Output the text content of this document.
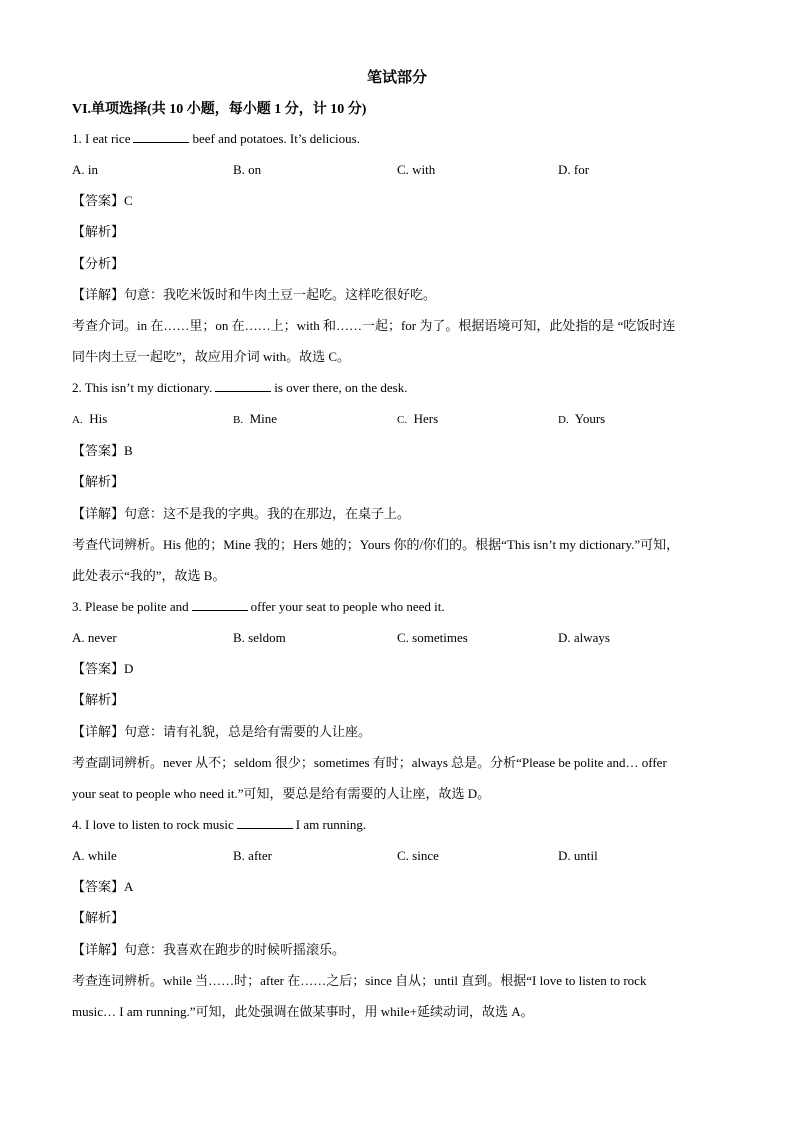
笔试部分
VI.单项选择(共 10 小题，每小题 1 分，计 10 分)
1. I eat rice	beef and potatoes. It’s delicious.
A. in	B. on	C. with	D. for
【答案】C
【解析】
【分析】
【详解】句意：我吃米饭时和牛肉土豆一起吃。这样吃很好吃。
考查介词。in 在……里；on 在……上；with 和……一起；for 为了。根据语境可知，此处指的是 “吃饭时连
同牛肉土豆一起吃”，故应用介词 with。故选 C。
2. This isn’t my dictionary.	is over there, on the desk.
A. His	B. Mine	C. Hers	D. Yours
【答案】B
【解析】
【详解】句意：这不是我的字典。我的在那边，在桌子上。
考查代词辨析。His 他的；Mine 我的；Hers 她的；Yours 你的/你们的。根据“This isn’t my dictionary.”可知，
此处表示“我的”，故选 B。
3. Please be polite and	offer your seat to people who need it.
A. never	B. seldom	C. sometimes	D. always
【答案】D
【解析】
【详解】句意：请有礼貌，总是给有需要的人让座。
考查副词辨析。never 从不；seldom 很少；sometimes 有时；always 总是。分析“Please be polite and… offer
your seat to people who need it.”可知，要总是给有需要的人让座，故选 D。
4. I love to listen to rock music	I am running.
A. while	B. after	C. since	D. until
【答案】A
【解析】
【详解】句意：我喜欢在跑步的时候听摇滚乐。
考查连词辨析。while 当……时；after 在……之后；since 自从；until 直到。根据“I love to listen to rock
music… I am running.”可知，此处强调在做某事时，用 while+延续动词，故选 A。
